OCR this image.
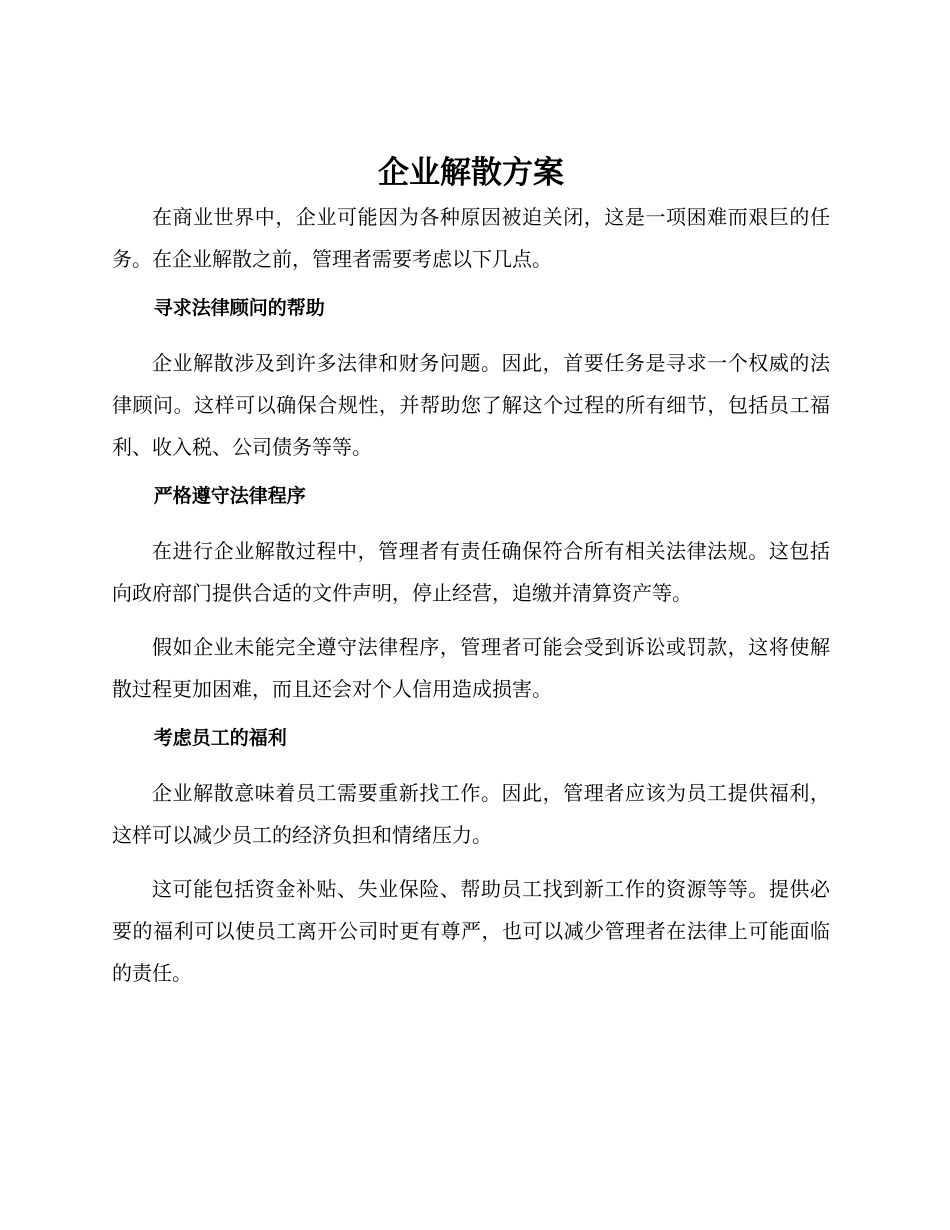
企业解散方案

在商业世界中，企业可能因为各种原因被迫关闭，这是一项困难而艰巨的任务。在企业解散之前，管理者需要考虑以下几点。

寻求法律顾问的帮助

企业解散涉及到许多法律和财务问题。因此，首要任务是寻求一个权威的法律顾问。这样可以确保合规性，并帮助您了解这个过程的所有细节，包括员工福利、收入税、公司债务等等。

严格遵守法律程序

在进行企业解散过程中，管理者有责任确保符合所有相关法律法规。这包括向政府部门提供合适的文件声明，停止经营，追缴并清算资产等。

假如企业未能完全遵守法律程序，管理者可能会受到诉讼或罚款，这将使解散过程更加困难，而且还会对个人信用造成损害。

考虑员工的福利

企业解散意味着员工需要重新找工作。因此，管理者应该为员工提供福利，这样可以减少员工的经济负担和情绪压力。

这可能包括资金补贴、失业保险、帮助员工找到新工作的资源等等。提供必要的福利可以使员工离开公司时更有尊严，也可以减少管理者在法律上可能面临的责任。
